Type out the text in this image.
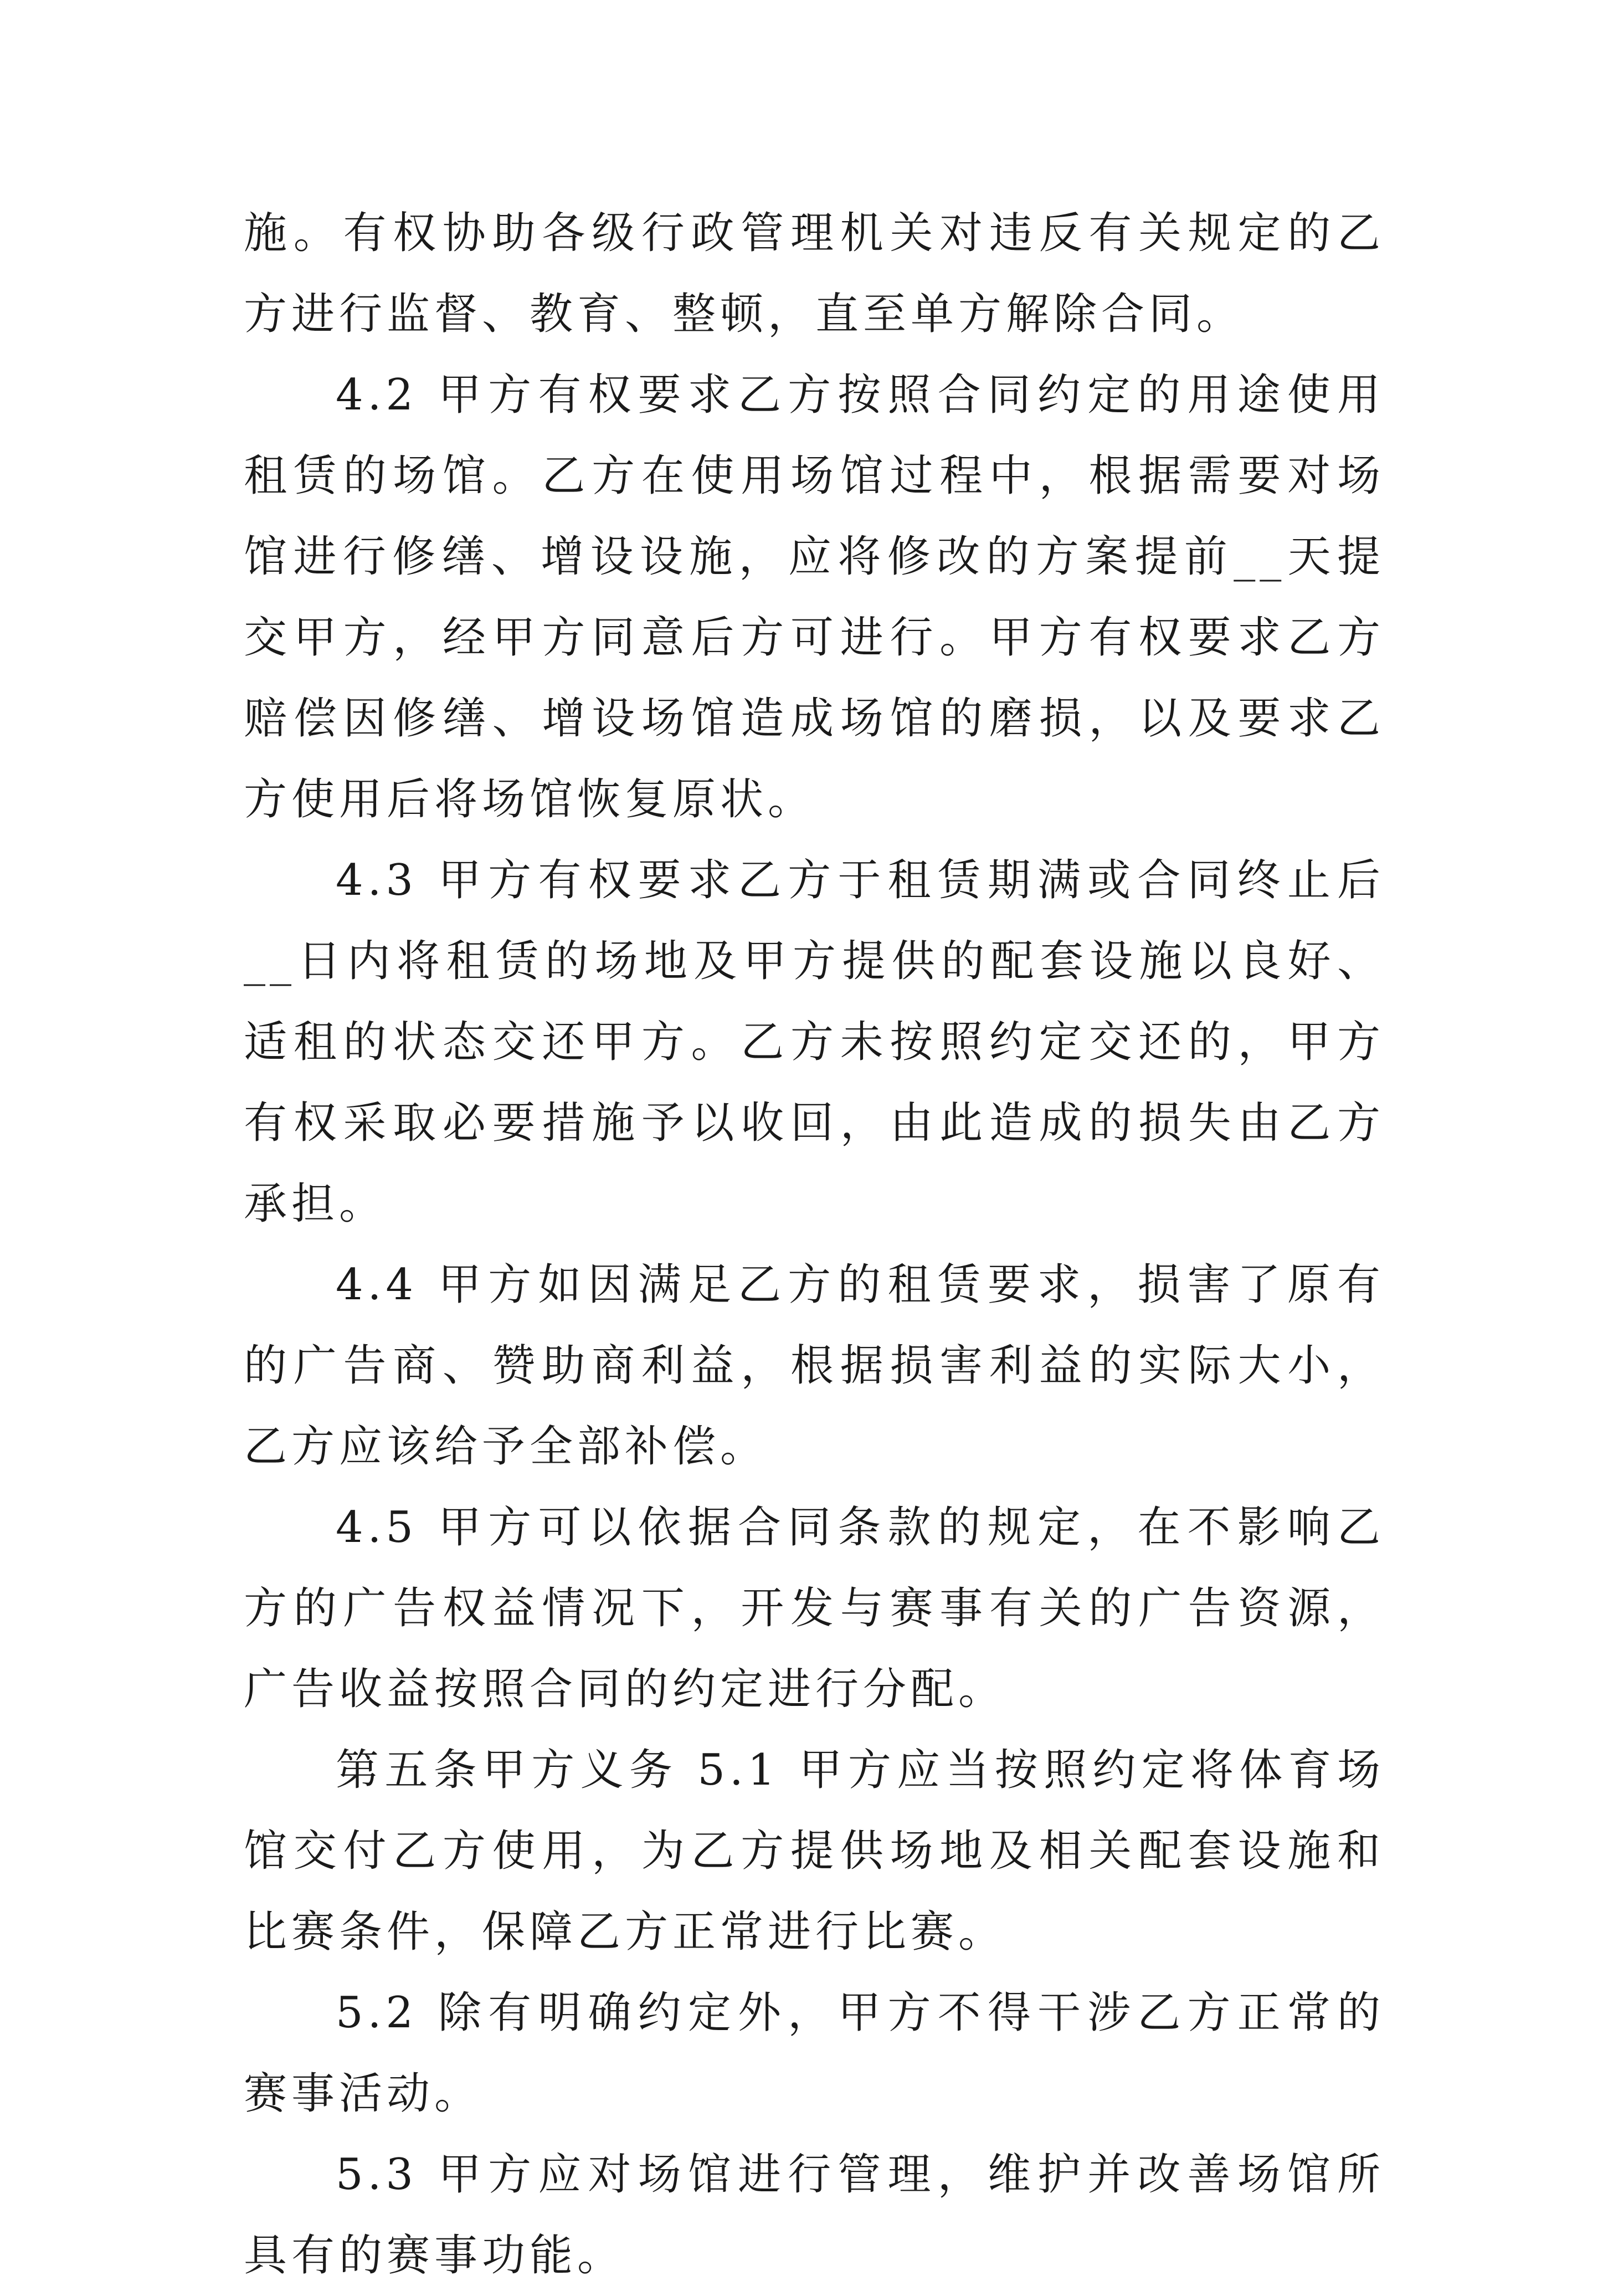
施。有权协助各级行政管理机关对违反有关规定的乙方进行监督、教育、整顿，直至单方解除合同。

4.2 甲方有权要求乙方按照合同约定的用途使用租赁的场馆。乙方在使用场馆过程中，根据需要对场馆进行修缮、增设设施，应将修改的方案提前__天提交甲方，经甲方同意后方可进行。甲方有权要求乙方赔偿因修缮、增设场馆造成场馆的磨损，以及要求乙方使用后将场馆恢复原状。

4.3 甲方有权要求乙方于租赁期满或合同终止后__日内将租赁的场地及甲方提供的配套设施以良好、适租的状态交还甲方。乙方未按照约定交还的，甲方有权采取必要措施予以收回，由此造成的损失由乙方承担。

4.4 甲方如因满足乙方的租赁要求，损害了原有的广告商、赞助商利益，根据损害利益的实际大小，乙方应该给予全部补偿。

4.5 甲方可以依据合同条款的规定，在不影响乙方的广告权益情况下，开发与赛事有关的广告资源，广告收益按照合同的约定进行分配。

第五条甲方义务 5.1 甲方应当按照约定将体育场馆交付乙方使用，为乙方提供场地及相关配套设施和比赛条件，保障乙方正常进行比赛。

5.2 除有明确约定外，甲方不得干涉乙方正常的赛事活动。

5.3 甲方应对场馆进行管理，维护并改善场馆所具有的赛事功能。
